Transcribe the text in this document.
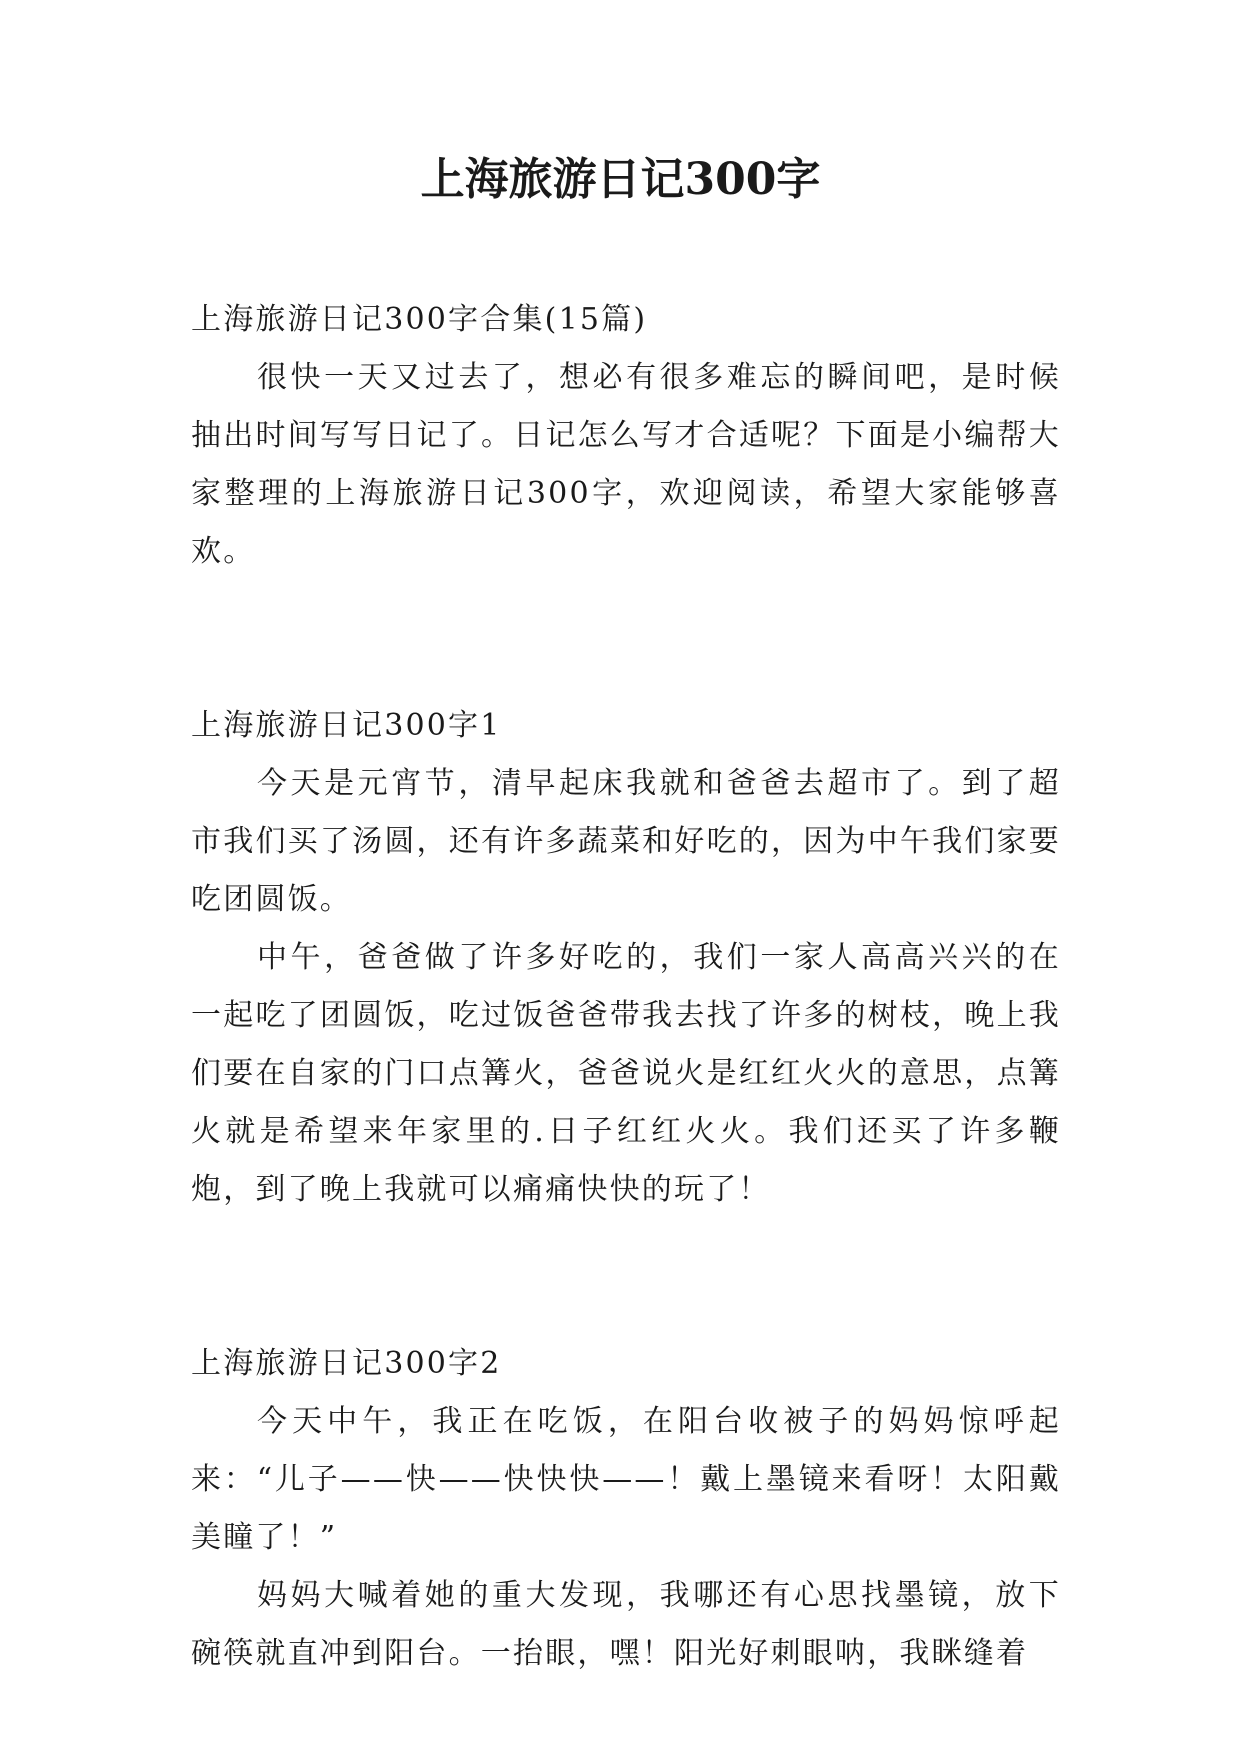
上海旅游日记300字

上海旅游日记300字合集(15篇)

很快一天又过去了，想必有很多难忘的瞬间吧，是时候抽出时间写写日记了。日记怎么写才合适呢？下面是小编帮大家整理的上海旅游日记300字，欢迎阅读，希望大家能够喜欢。

上海旅游日记300字1

今天是元宵节，清早起床我就和爸爸去超市了。到了超市我们买了汤圆，还有许多蔬菜和好吃的，因为中午我们家要吃团圆饭。

中午，爸爸做了许多好吃的，我们一家人高高兴兴的在一起吃了团圆饭，吃过饭爸爸带我去找了许多的树枝，晚上我们要在自家的门口点篝火，爸爸说火是红红火火的意思，点篝火就是希望来年家里的.日子红红火火。我们还买了许多鞭炮，到了晚上我就可以痛痛快快的玩了！

上海旅游日记300字2

今天中午，我正在吃饭，在阳台收被子的妈妈惊呼起来：“儿子——快——快快快——！戴上墨镜来看呀！太阳戴美瞳了！”

妈妈大喊着她的重大发现，我哪还有心思找墨镜，放下碗筷就直冲到阳台。一抬眼，嘿！阳光好刺眼呐，我眯缝着
